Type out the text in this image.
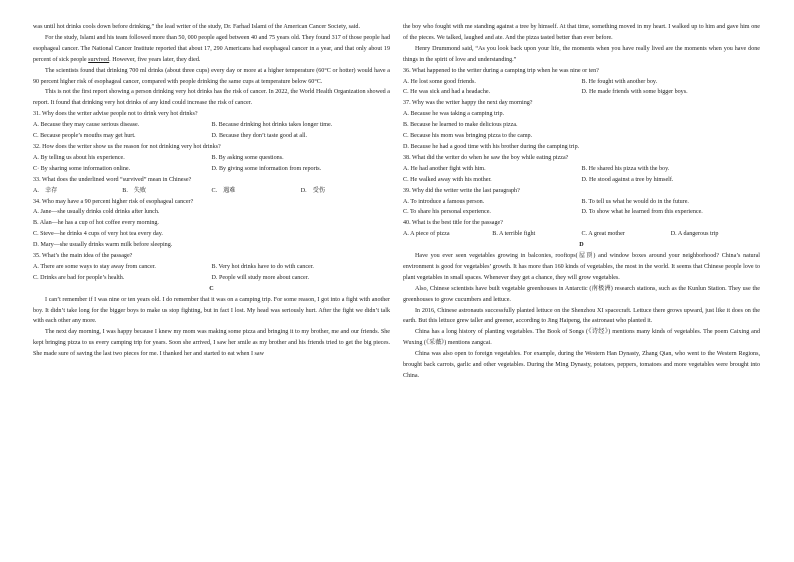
was until hot drinks cools down before drinking,” the lead writer of the study, Dr. Farhad Islami of the American Cancer Society, said.

For the study, Islami and his team followed more than 50, 000 people aged between 40 and 75 years old. They found 317 of those people had esophageal cancer. The National Cancer Institute reported that about 17, 290 Americans had esophageal cancer in a year, and that only about 19 percent of sick people survived. However, five years later, they died.

The scientists found that drinking 700 ml drinks (about three cups) every day or more at a higher temperature (60°C or hotter) would have a 90 percent higher risk of esophageal cancer, compared with people drinking the same cups at temperature below 60°C.

This is not the first report showing a person drinking very hot drinks has the risk of cancer. In 2022, the World Health Organization showed a report. It found that drinking very hot drinks of any kind could increase the risk of cancer.

31. Why does the writer advise people not to drink very hot drinks?

A. Because they may cause serious disease.	B. Because drinking hot drinks takes longer time.
C. Because people’s mouths may get hurt.	D. Because they don’t taste good at all.

32. How does the writer show us the reason for not drinking very hot drinks?

A. By telling us about his experience.	B. By asking some questions.
C· By sharing some information online.	D. By giving some information from reports.

33. What does the underlined word “survived” mean in Chinese?

A.　幸存	B.　失败	C.　遇难	D.　受伤

34. Who may have a 90 percent higher risk of esophageal cancer?

A. Jane—she usually drinks cold drinks after lunch.

B. Alan—he has a cup of hot coffee every morning.

C. Steve—he drinks 4 cups of very hot tea every day.

D. Mary—she usually drinks warm milk before sleeping.

35. What’s the main idea of the passage?

A. There are some ways to stay away from cancer.	B. Very hot drinks have to do with cancer.
C. Drinks are bad for people’s health.	D. People will study more about cancer.

C

I can’t remember if I was nine or ten years old. I do remember that it was on a camping trip. For some reason, I got into a fight with another boy. It didn’t take long for the bigger boys to make us stop fighting, but in fact I lost. My head was seriously hurt. After the fight we didn’t talk with each other any more.

The next day morning, I was happy because I knew my mom was making some pizza and bringing it to my brother, me and our friends. She kept bringing pizza to us every camping trip for years. Soon she arrived, I saw her smile as my brother and his friends tried to get the big pieces. She made sure of saving the last two pieces for me. I thanked her and started to eat when I saw

the boy who fought with me standing against a tree by himself. At that time, something moved in my heart. I walked up to him and gave him one of the pieces. We talked, laughed and ate. And the pizza tasted better than ever before.

Henry Drummond said, “As you look back upon your life, the moments when you have really lived are the moments when you have done things in the spirit of love and understanding.”

36. What happened to the writer during a camping trip when he was nine or ten?

A. He lost some good friends.	B. He fought with another boy.
C. He was sick and had a headache.	D. He made friends with some bigger boys.

37. Why was the writer happy the next day morning?

A. Because he was taking a camping trip.

B. Because he learned to make delicious pizza.

C. Because his mom was bringing pizza to the camp.

D. Because he had a good time with his brother during the camping trip.

38. What did the writer do when he saw the boy while eating pizza?

A. He had another fight with him.	B. He shared his pizza with the boy.
C. He walked away with his mother.	D. He stood against a tree by himself.

39. Why did the writer write the last paragraph?

A. To introduce a famous person.	B. To tell us what he would do in the future.
C. To share his personal experience.	D. To show what he learned from this experience.

40. What is the best title for the passage?

A. A piece of pizza	B. A terrible fight	C. A great mother	D. A dangerous trip

D

Have you ever seen vegetables growing in balconies, rooftops(屋顶) and window boxes around your neighborhood? China’s natural environment is good for vegetables’ growth. It has more than 160 kinds of vegetables, the most in the world. It seems that Chinese people love to plant vegetables in small spaces. Whenever they get a chance, they will grow vegetables.

Also, Chinese scientists have built vegetable greenhouses in Antarctic (南极洲) research stations, such as the Kunlun Station. They use the greenhouses to grow cucumbers and lettuce.

In 2016, Chinese astronauts successfully planted lettuce on the Shenzhou XI spacecraft. Lettuce there grows upward, just like it does on the earth. But this lettuce grew taller and greener, according to Jing Haipeng, the astronaut who planted it.

China has a long history of planting vegetables. The Book of Songs (《诗经》) mentions many kinds of vegetables. The poem Caixing and Wuxing (《采薇》) mentions zangcai.

China was also open to foreign vegetables. For example, during the Western Han Dynasty, Zhang Qian, who went to the Western Regions, brought back carrots, garlic and other vegetables. During the Ming Dynasty, potatoes, peppers, tomatoes and more vegetables were brought into China.
